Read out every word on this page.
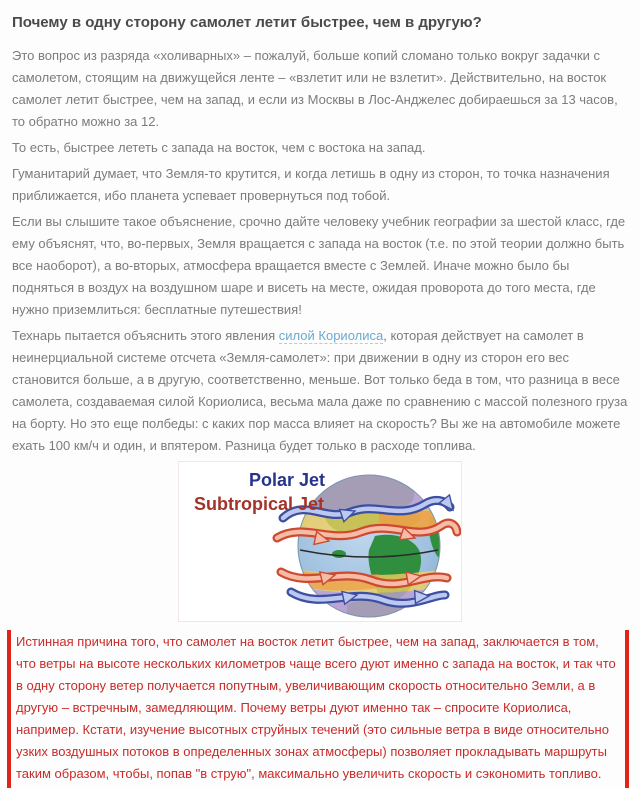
Почему в одну сторону самолет летит быстрее, чем в другую?

Это вопрос из разряда «холиварных» – пожалуй, больше копий сломано только вокруг задачки с самолетом, стоящим на движущейся ленте – «взлетит или не взлетит». Действительно, на восток самолет летит быстрее, чем на запад, и если из Москвы в Лос-Анджелес добираешься за 13 часов, то обратно можно за 12.

То есть, быстрее лететь с запада на восток, чем с востока на запад.

Гуманитарий думает, что Земля-то крутится, и когда летишь в одну из сторон, то точка назначения приближается, ибо планета успевает провернуться под тобой.

Если вы слышите такое объяснение, срочно дайте человеку учебник географии за шестой класс, где ему объяснят, что, во-первых, Земля вращается с запада на восток (т.е. по этой теории должно быть все наоборот), а во-вторых, атмосфера вращается вместе с Землей. Иначе можно было бы подняться в воздух на воздушном шаре и висеть на месте, ожидая проворота до того места, где нужно приземлиться: бесплатные путешествия!

Технарь пытается объяснить этого явления силой Кориолиса, которая действует на самолет в неинерциальной системе отсчета «Земля-самолет»: при движении в одну из сторон его вес становится больше, а в другую, соответственно, меньше. Вот только беда в том, что разница в весе самолета, создаваемая силой Кориолиса, весьма мала даже по сравнению с массой полезного груза на борту. Но это еще полбеды: с каких пор масса влияет на скорость? Вы же на автомобиле можете ехать 100 км/ч и один, и впятером. Разница будет только в расходе топлива.

Polar Jet
Subtropical Jet
Истинная причина того, что самолет на восток летит быстрее, чем на запад, заключается в том, что ветры на высоте нескольких километров чаще всего дуют именно с запада на восток, и так что в одну сторону ветер получается попутным, увеличивающим скорость относительно Земли, а в другую – встречным, замедляющим. Почему ветры дуют именно так – спросите Кориолиса, например. Кстати, изучение высотных струйных течений (это сильные ветра в виде относительно узких воздушных потоков в определенных зонах атмосферы) позволяет прокладывать маршруты таким образом, чтобы, попав "в струю", максимально увеличить скорость и сэкономить топливо.
